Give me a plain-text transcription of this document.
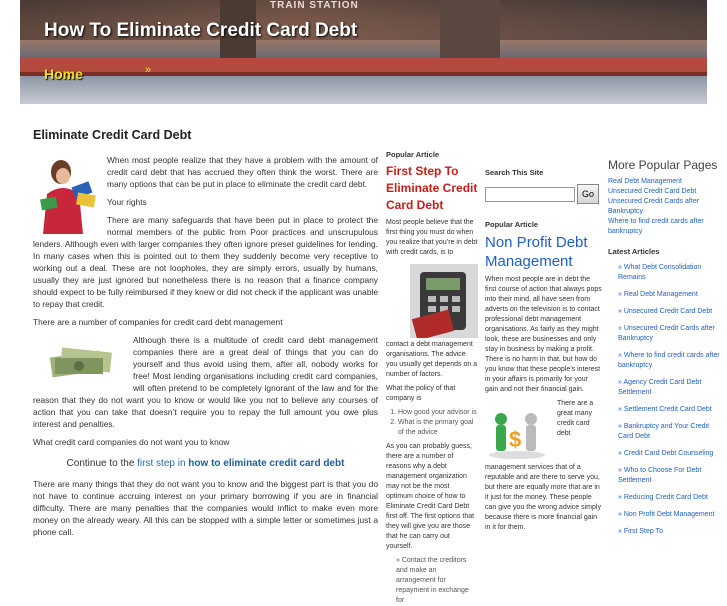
TRAIN STATION
How To Eliminate Credit Card Debt
Home	»
Eliminate Credit Card Debt

When most people realize that they have a problem with the amount of credit card debt that has accrued they often think the worst. There are many options that can be put in place to eliminate the credit card debt.

Your rights

There are many safeguards that have been put in place to protect the normal members of the public from Poor practices and unscrupulous lenders. Although even with larger companies they often ignore preset guidelines for lending. In many cases when this is pointed out to them they suddenly become very receptive to working out a deal. These are not loopholes, they are simply errors, usually by humans, usually they are just ignored but nonetheless there is no reason that a finance company should expect to be fully reimbursed if they knew or did not check if the applicant was unable to repay that credit.

There are a number of companies for credit card debt management

Although there is a multitude of credit card debt management companies there are a great deal of things that you can do yourself and thus avoid using them, after all, nobody works for free! Most lending organisations including credit card companies, will often pretend to be completely ignorant of the law and for the reason that they do not want you to know or would like you not to believe any courses of action that you can take that doesn’t require you to repay the full amount you owe plus interest and penalties.

What credit card companies do not want you to know

Continue to the first step in how to eliminate credit card debt

There are many things that they do not want you to know and the biggest part is that you do not have to continue accruing interest on your primary borrowing if you are in financial difficulty. There are many penalties that the companies would inflict to make even more money on the already weary. All this can be stopped with a simple letter or sometimes just a phone call.

Popular Article
First Step To Eliminate Credit Card Debt

Most people believe that the first thing you must do when you realize that you’re in debt with credit cards, is to

contact a debt management organisations. The advice you usually get depends on a number of factors.

What the policy of that company is

1. How good your advisor is
2. What is the primary goal of the advice

As you can probably guess, there are a number of reasons why a debt management organization may not be the most optimum choice of how to Eliminate Credit Card Debt first off. The first options that they will give you are those that he can carry out yourself.

» Contact the creditors and make an arrangement for repayment in exchange for
Search This Site
Go
Popular Article
Non Profit Debt Management

When most people are in debt the first course of action that always pops into their mind, all have seen from adverts on the television is to contact professional debt management organisations. As fairly as they might look, these are businesses and only stay in business by making a profit. There is no harm in that, but how do you know that these people’s interest in your affairs is primarily for your gain and not their financial gain.

$

There are a great many credit card debt

management services that of a reputable and are there to serve you, but there are equally more that are in it just for the money. These people can give you the wrong advice simply because there is more financial gain in it for them.

More Popular Pages
Real Debt Management
Unsecured Credit Card Debt
Unsecured Credit Cards after Bankruptcy
Where to find credit cards after bankruptcy
Latest Articles
» What Debt Consolidation Remains
» Real Debt Management
» Unsecured Credit Card Debt
» Unsecured Credit Cards after Bankruptcy
» Where to find credit cards after bankruptcy
» Agency Credit Card Debt Settlement
» Settlement Credit Card Debt
» Bankruptcy and Your Credit Card Debt
» Credit Card Debt Counseling
» Who to Choose For Debt Settlement
» Reducing Credit Card Debt
» Non Profit Debt Management
» First Step To
